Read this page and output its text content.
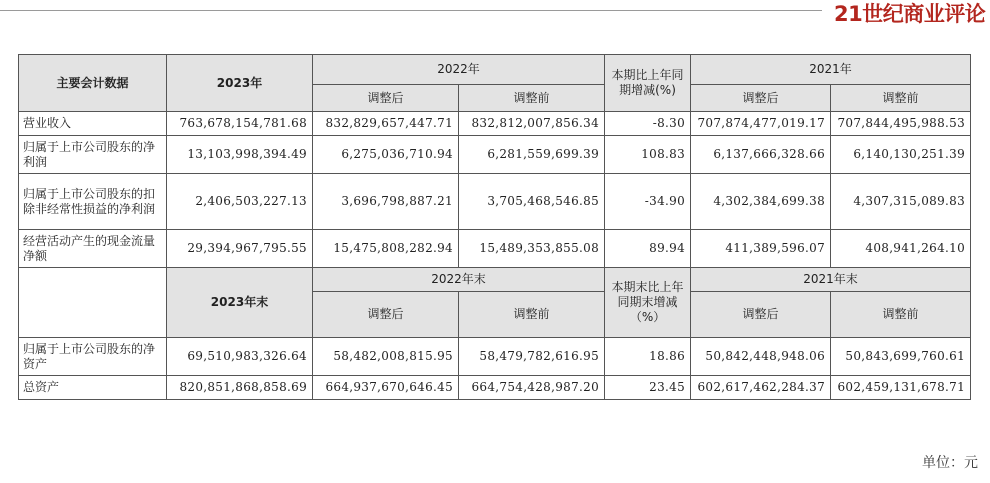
21世纪商业评论
主要会计数据	2023年	2022年		本期比上年同期增减(%)	2021年	
		调整后	调整前		调整后	调整前
营业收入	763,678,154,781.68	832,829,657,447.71	832,812,007,856.34	-8.30	707,874,477,019.17	707,844,495,988.53
归属于上市公司股东的净利润	13,103,998,394.49	6,275,036,710.94	6,281,559,699.39	108.83	6,137,666,328.66	6,140,130,251.39
归属于上市公司股东的扣除非经常性损益的净利润	2,406,503,227.13	3,696,798,887.21	3,705,468,546.85	-34.90	4,302,384,699.38	4,307,315,089.83
经营活动产生的现金流量净额	29,394,967,795.55	15,475,808,282.94	15,489,353,855.08	89.94	411,389,596.07	408,941,264.10
	2023年末	2022年末		本期末比上年同期末增减（%）	2021年末	
		调整后	调整前		调整后	调整前
归属于上市公司股东的净资产	69,510,983,326.64	58,482,008,815.95	58,479,782,616.95	18.86	50,842,448,948.06	50,843,699,760.61
总资产	820,851,868,858.69	664,937,670,646.45	664,754,428,987.20	23.45	602,617,462,284.37	602,459,131,678.71
单位：元
